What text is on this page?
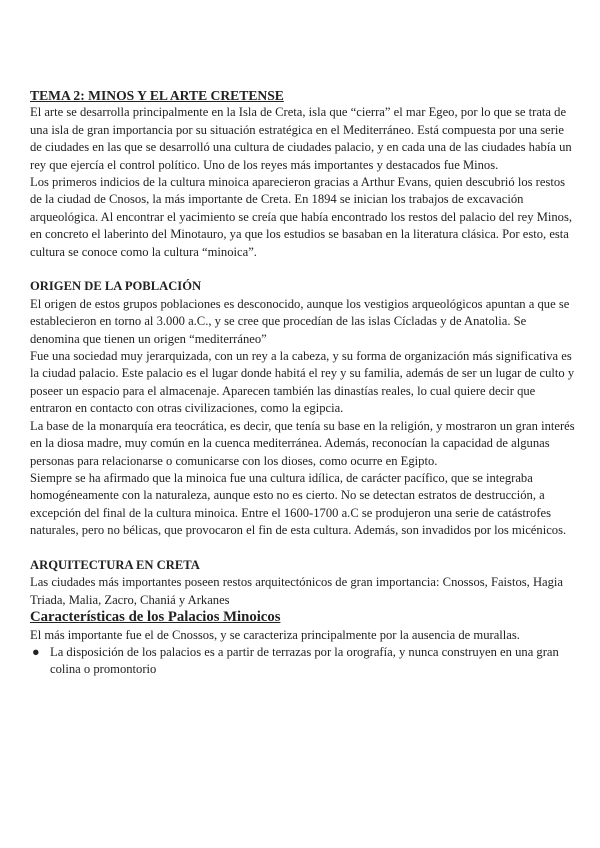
TEMA 2: MINOS Y EL ARTE CRETENSE

El arte se desarrolla principalmente en la Isla de Creta, isla que “cierra” el mar Egeo, por lo que se trata de una isla de gran importancia por su situación estratégica en el Mediterráneo. Está compuesta por una serie de ciudades en las que se desarrolló una cultura de ciudades palacio, y en cada una de las ciudades había un rey que ejercía el control político. Uno de los reyes más importantes y destacados fue Minos.

Los primeros indicios de la cultura minoica aparecieron gracias a Arthur Evans, quien descubrió los restos de la ciudad de Cnosos, la más importante de Creta. En 1894 se inician los trabajos de excavación arqueológica. Al encontrar el yacimiento se creía que había encontrado los restos del palacio del rey Minos, en concreto el laberinto del Minotauro, ya que los estudios se basaban en la literatura clásica. Por esto, esta cultura se conoce como la cultura “minoica”.

ORIGEN DE LA POBLACIÓN

El origen de estos grupos poblaciones es desconocido, aunque los vestigios arqueológicos apuntan a que se establecieron en torno al 3.000 a.C., y se cree que procedían de las islas Cícladas y de Anatolia. Se denomina que tienen un origen “mediterráneo”

Fue una sociedad muy jerarquizada, con un rey a la cabeza, y su forma de organización más significativa es la ciudad palacio. Este palacio es el lugar donde habitá el rey y su familia, además de ser un lugar de culto y poseer un espacio para el almacenaje. Aparecen también las dinastías reales, lo cual quiere decir que entraron en contacto con otras civilizaciones, como la egipcia.

La base de la monarquía era teocrática, es decir, que tenía su base en la religión, y mostraron un gran interés en la diosa madre, muy común en la cuenca mediterránea. Además, reconocían la capacidad de algunas personas para relacionarse o comunicarse con los dioses, como ocurre en Egipto.

Siempre se ha afirmado que la minoica fue una cultura idílica, de carácter pacífico, que se integraba homogéneamente con la naturaleza, aunque esto no es cierto. No se detectan estratos de destrucción, a excepción del final de la cultura minoica. Entre el 1600-1700 a.C se produjeron una serie de catástrofes naturales, pero no bélicas, que provocaron el fin de esta cultura. Además, son invadidos por los micénicos.

ARQUITECTURA EN CRETA

Las ciudades más importantes poseen restos arquitectónicos de gran importancia: Cnossos, Faistos, Hagia Triada, Malia, Zacro, Chaniá y Arkanes

Características de los Palacios Minoicos

El más importante fue el de Cnossos, y se caracteriza principalmente por la ausencia de murallas.

● La disposición de los palacios es a partir de terrazas por la orografía, y nunca construyen en una gran colina o promontorio
